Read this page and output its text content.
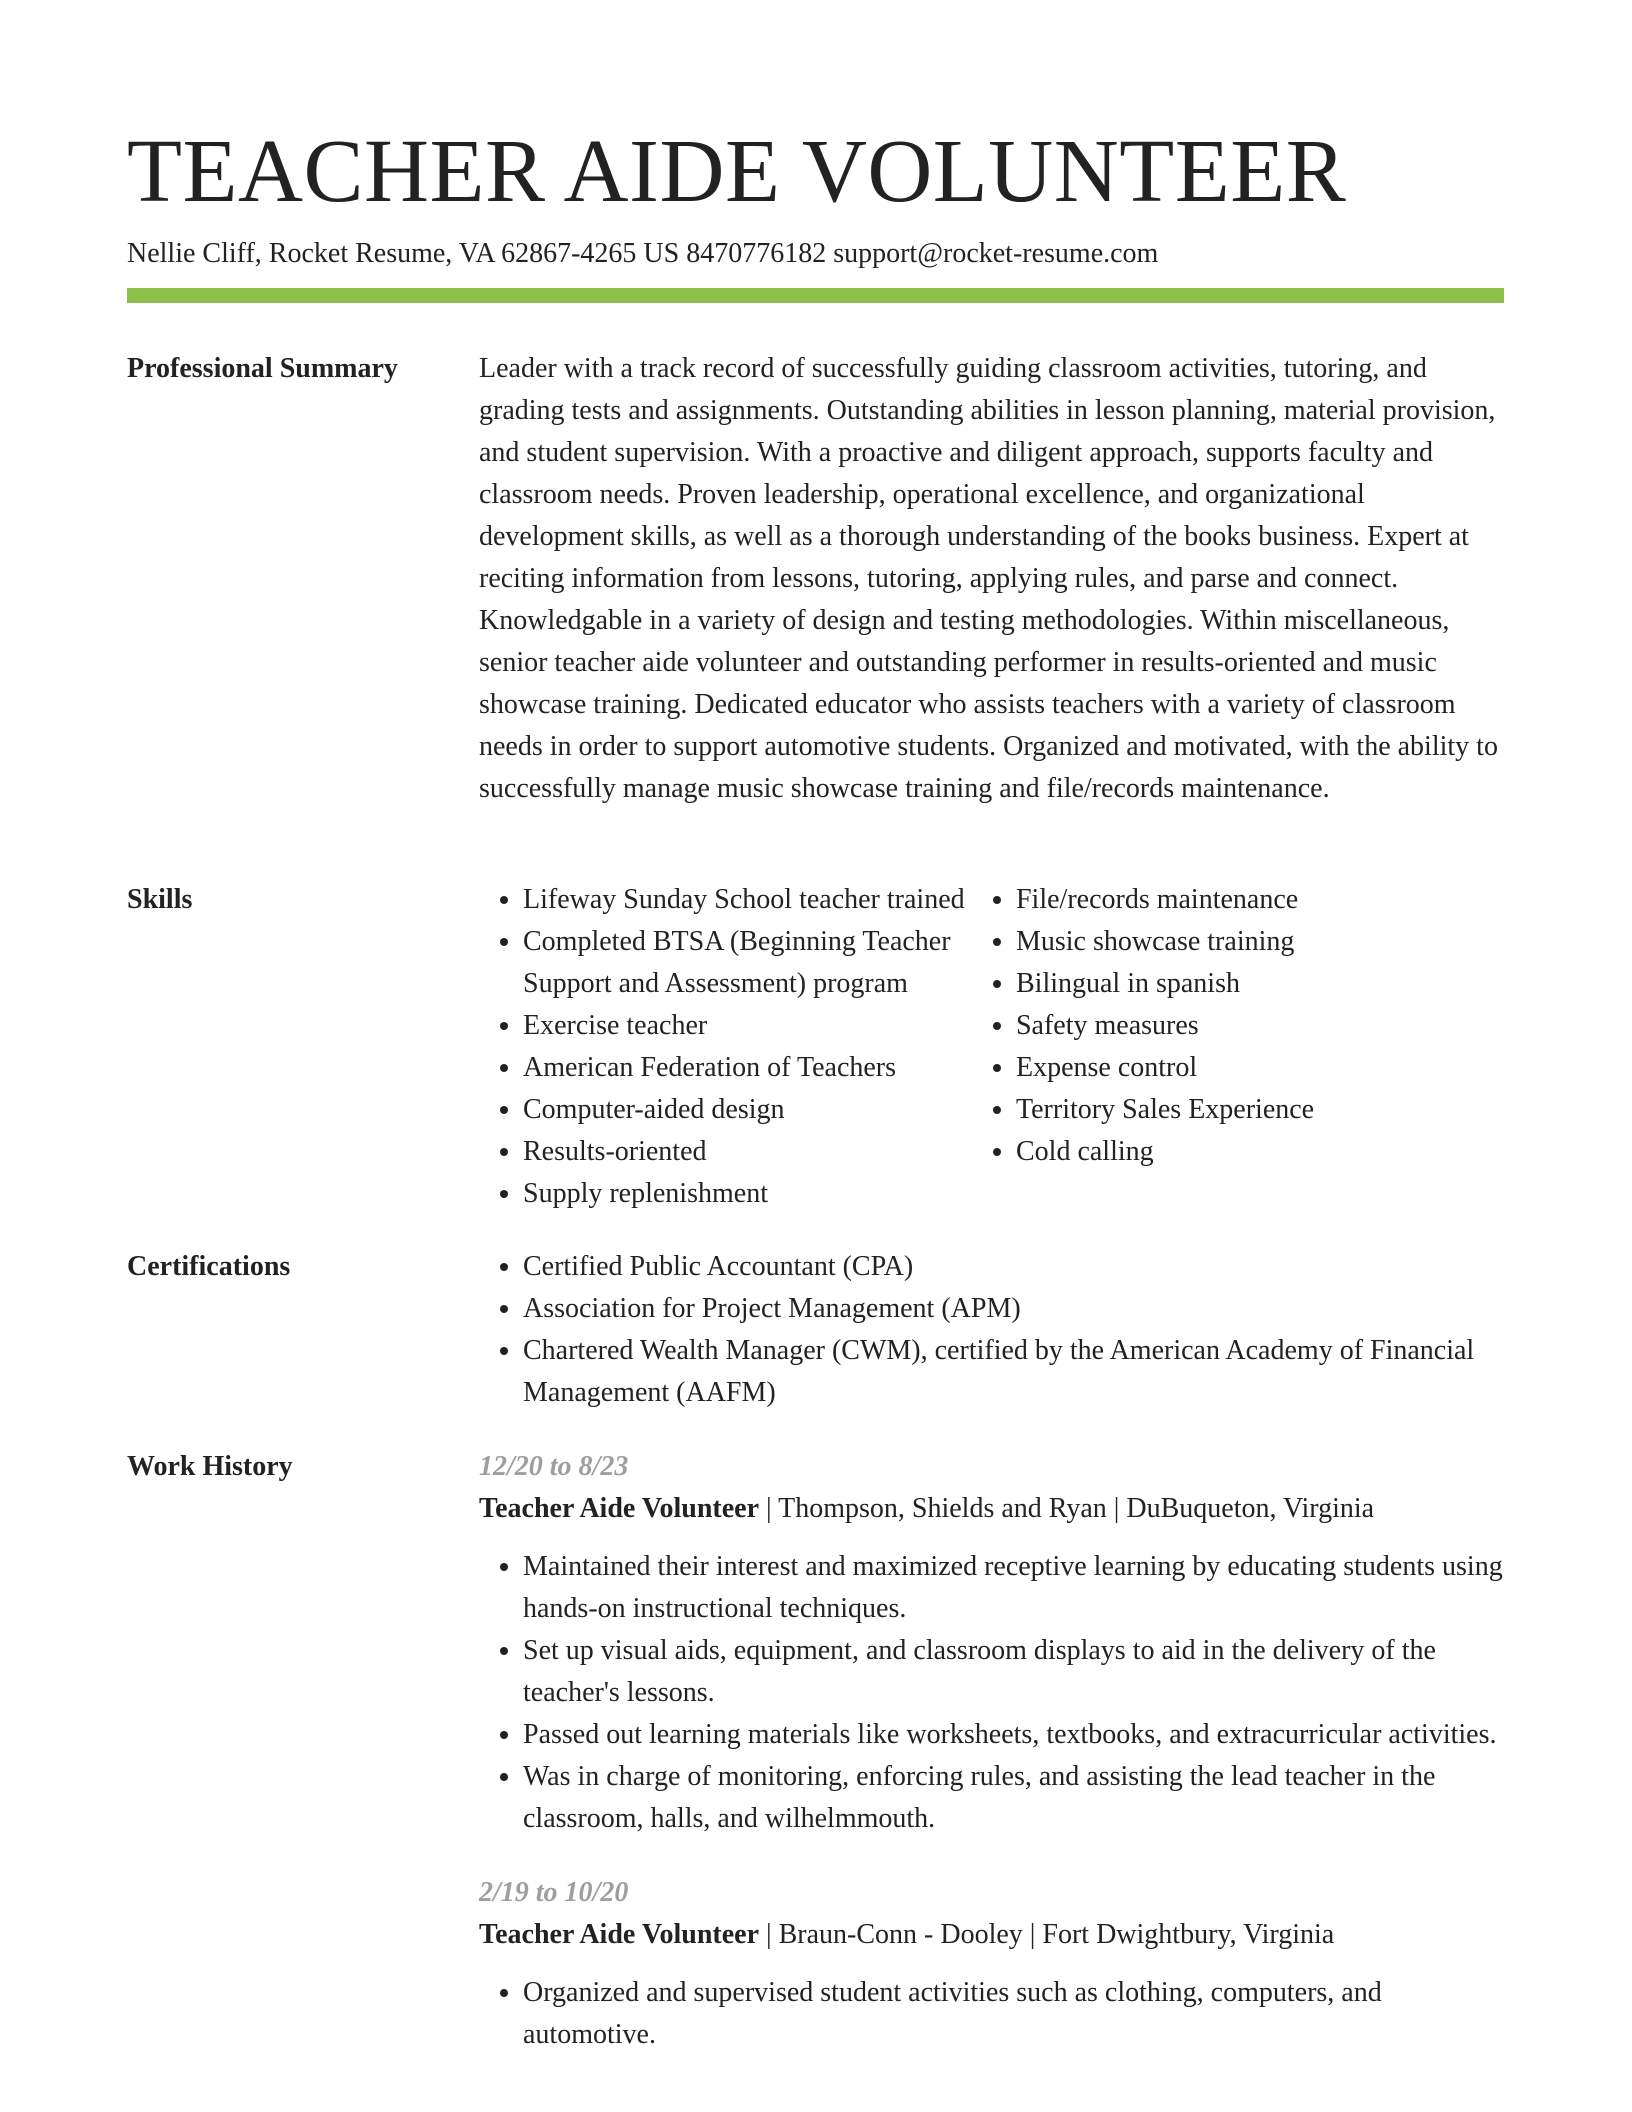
TEACHER AIDE VOLUNTEER
Nellie Cliff, Rocket Resume, VA 62867-4265 US 8470776182 support@rocket-resume.com
Professional Summary	Leader with a track record of successfully guiding classroom activities, tutoring, and grading tests and assignments. Outstanding abilities in lesson planning, material provision, and student supervision. With a proactive and diligent approach, supports faculty and classroom needs. Proven leadership, operational excellence, and organizational development skills, as well as a thorough understanding of the books business. Expert at reciting information from lessons, tutoring, applying rules, and parse and connect. Knowledgable in a variety of design and testing methodologies. Within miscellaneous, senior teacher aide volunteer and outstanding performer in results-oriented and music showcase training. Dedicated educator who assists teachers with a variety of classroom needs in order to support automotive students. Organized and motivated, with the ability to successfully manage music showcase training and file/records maintenance.

Skills	• Lifeway Sunday School teacher trained
• Completed BTSA (Beginning Teacher Support and Assessment) program
• Exercise teacher
• American Federation of Teachers
• Computer-aided design
• Results-oriented
• Supply replenishment
• File/records maintenance
• Music showcase training
• Bilingual in spanish
• Safety measures
• Expense control
• Territory Sales Experience
• Cold calling
Certifications	• Certified Public Accountant (CPA)
• Association for Project Management (APM)
• Chartered Wealth Manager (CWM), certified by the American Academy of Financial Management (AAFM)
Work History	12/20 to 8/23
Teacher Aide Volunteer | Thompson, Shields and Ryan | DuBuqueton, Virginia
• Maintained their interest and maximized receptive learning by educating students using hands-on instructional techniques.
• Set up visual aids, equipment, and classroom displays to aid in the delivery of the teacher's lessons.
• Passed out learning materials like worksheets, textbooks, and extracurricular activities.
• Was in charge of monitoring, enforcing rules, and assisting the lead teacher in the classroom, halls, and wilhelmmouth.
2/19 to 10/20
Teacher Aide Volunteer | Braun-Conn - Dooley | Fort Dwightbury, Virginia
• Organized and supervised student activities such as clothing, computers, and automotive.
